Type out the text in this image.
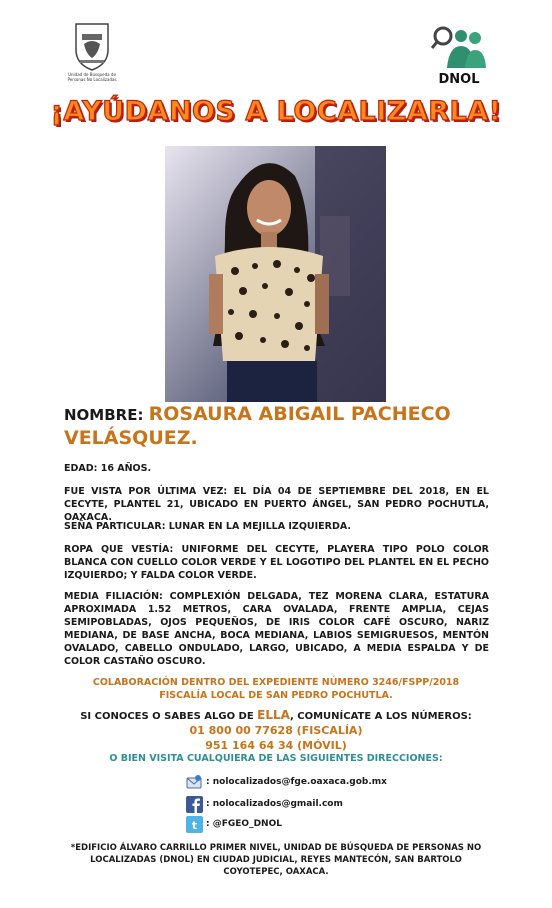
Unidad de Búsqueda de Personas No Localizadas	DNOL
¡AYÚDANOS A LOCALIZARLA!
NOMBRE: ROSAURA ABIGAIL PACHECO
VELÁSQUEZ.

EDAD: 16 AÑOS.

FUE VISTA POR ÚLTIMA VEZ: EL DÍA 04 DE SEPTIEMBRE DEL 2018, EN EL CECYTE, PLANTEL 21, UBICADO EN PUERTO ÁNGEL, SAN PEDRO POCHUTLA, OAXACA.

SEÑA PARTICULAR: LUNAR EN LA MEJILLA IZQUIERDA.

ROPA QUE VESTÍA: UNIFORME DEL CECYTE, PLAYERA TIPO POLO COLOR BLANCA CON CUELLO COLOR VERDE Y EL LOGOTIPO DEL PLANTEL EN EL PECHO IZQUIERDO; Y FALDA COLOR VERDE.

MEDIA FILIACIÓN: COMPLEXIÓN DELGADA, TEZ MORENA CLARA, ESTATURA APROXIMADA 1.52 METROS, CARA OVALADA, FRENTE AMPLIA, CEJAS SEMIPOBLADAS, OJOS PEQUEÑOS, DE IRIS COLOR CAFÉ OSCURO, NARIZ MEDIANA, DE BASE ANCHA, BOCA MEDIANA, LABIOS SEMIGRUESOS, MENTÓN OVALADO, CABELLO ONDULADO, LARGO, UBICADO, A MEDIA ESPALDA Y DE COLOR CASTAÑO OSCURO.

COLABORACIÓN DENTRO DEL EXPEDIENTE NÚMERO 3246/FSPP/2018
FISCALÍA LOCAL DE SAN PEDRO POCHUTLA.
SI CONOCES O SABES ALGO DE ELLA, COMUNÍCATE A LOS NÚMEROS:
01 800 00 77628 (FISCALÍA)
951 164 64 34 (MÓVIL)
O BIEN VISITA CUALQUIERA DE LAS SIGUIENTES DIRECCIONES:
: nolocalizados@fge.oaxaca.gob.mx
: nolocalizados@gmail.com
t : @FGEO_DNOL
*EDIFICIO ÁLVARO CARRILLO PRIMER NIVEL, UNIDAD DE BÚSQUEDA DE PERSONAS NO LOCALIZADAS (DNOL) EN CIUDAD JUDICIAL, REYES MANTECÓN, SAN BARTOLO COYOTEPEC, OAXACA.
